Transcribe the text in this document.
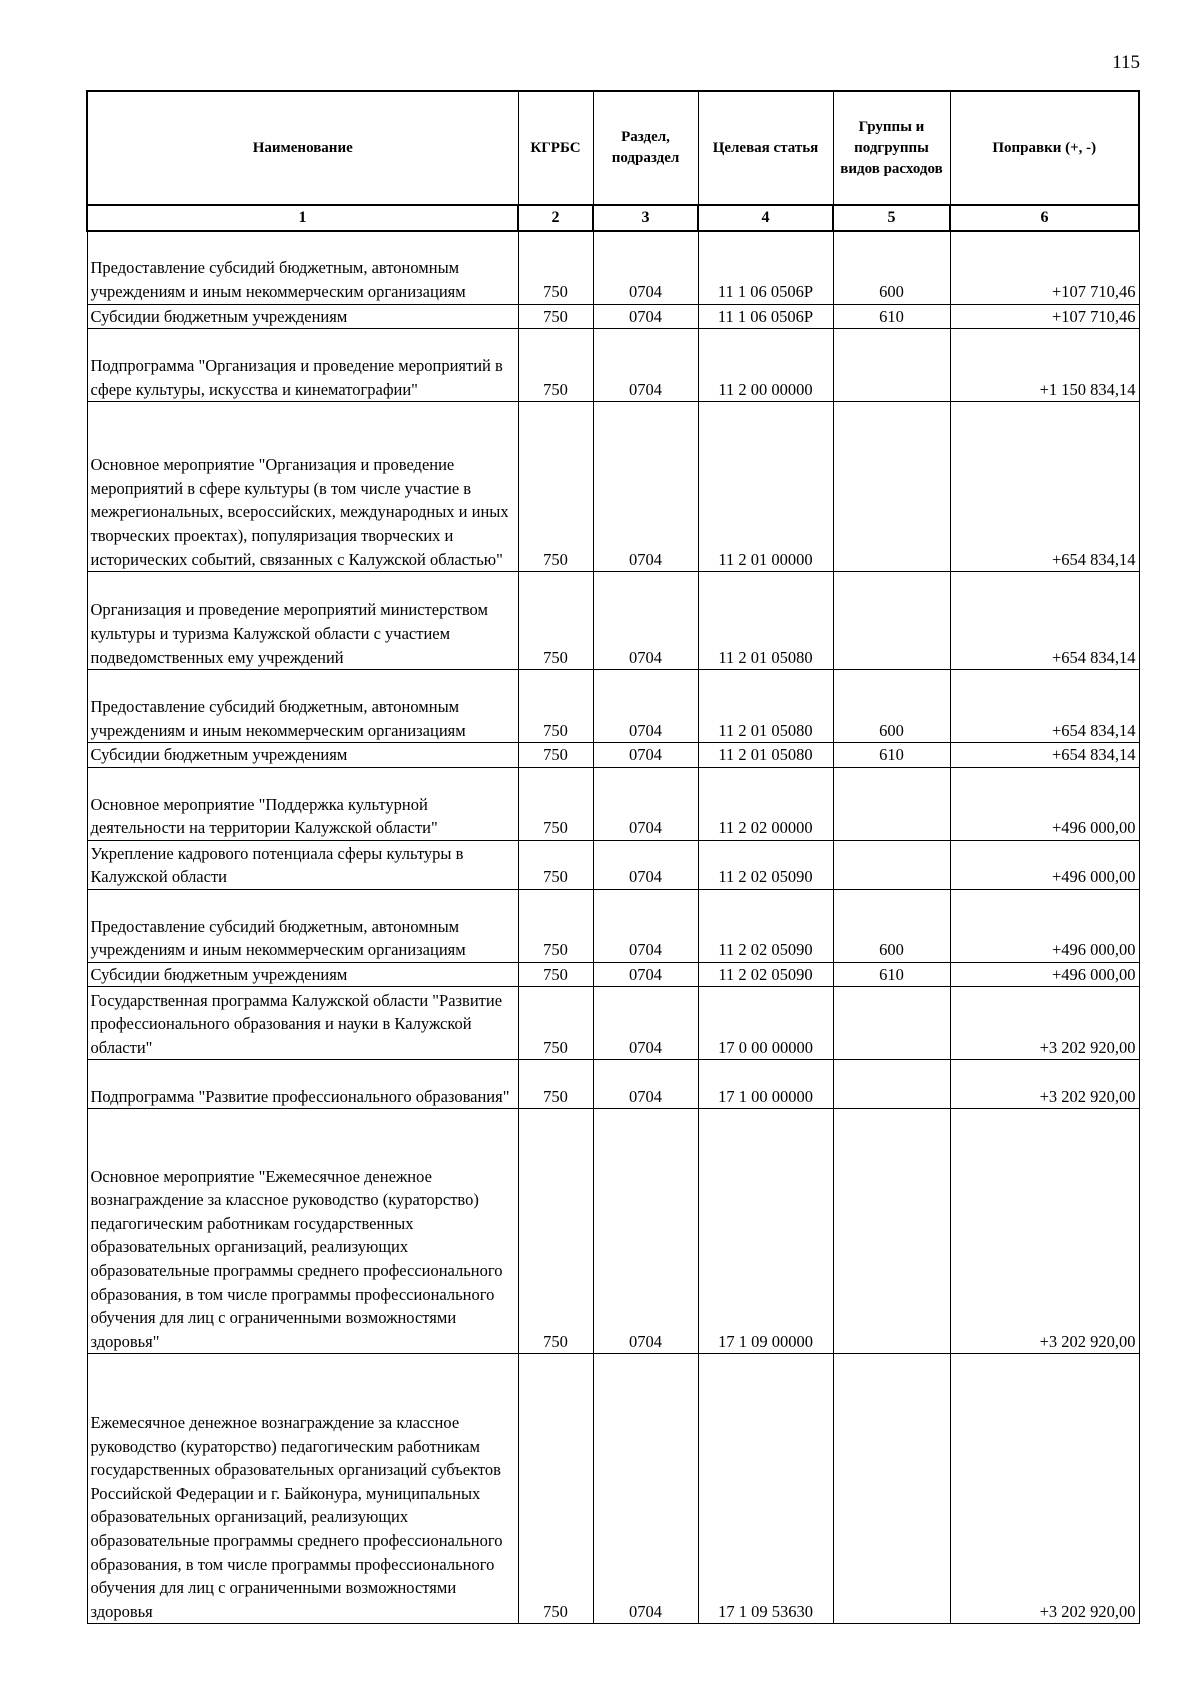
115
Наименование	КГРБС	Раздел, подраздел	Целевая статья	Группы и подгруппы видов расходов	Поправки (+, -)
1	2	3	4	5	6
Предоставление субсидий бюджетным, автономным учреждениям и иным некоммерческим организациям	750	0704	11 1 06 0506Р	600	+107 710,46
Субсидии бюджетным учреждениям	750	0704	11 1 06 0506Р	610	+107 710,46
Подпрограмма "Организация и проведение мероприятий в сфере культуры, искусства и кинематографии"	750	0704	11 2 00 00000		+1 150 834,14
Основное мероприятие "Организация и проведение мероприятий в сфере культуры (в том числе участие в межрегиональных, всероссийских, международных и иных творческих проектах), популяризация творческих и исторических событий, связанных с Калужской областью"	750	0704	11 2 01 00000		+654 834,14
Организация и проведение мероприятий министерством культуры и туризма Калужской области с участием подведомственных ему учреждений	750	0704	11 2 01 05080		+654 834,14
Предоставление субсидий бюджетным, автономным учреждениям и иным некоммерческим организациям	750	0704	11 2 01 05080	600	+654 834,14
Субсидии бюджетным учреждениям	750	0704	11 2 01 05080	610	+654 834,14
Основное мероприятие "Поддержка культурной деятельности на территории Калужской области"	750	0704	11 2 02 00000		+496 000,00
Укрепление кадрового потенциала сферы культуры в Калужской области	750	0704	11 2 02 05090		+496 000,00
Предоставление субсидий бюджетным, автономным учреждениям и иным некоммерческим организациям	750	0704	11 2 02 05090	600	+496 000,00
Субсидии бюджетным учреждениям	750	0704	11 2 02 05090	610	+496 000,00
Государственная программа Калужской области "Развитие профессионального образования и науки в Калужской области"	750	0704	17 0 00 00000		+3 202 920,00
Подпрограмма "Развитие профессионального образования"	750	0704	17 1 00 00000		+3 202 920,00
Основное мероприятие "Ежемесячное денежное вознаграждение за классное руководство (кураторство) педагогическим работникам государственных образовательных организаций, реализующих образовательные программы среднего профессионального образования, в том числе программы профессионального обучения для лиц с ограниченными возможностями здоровья"	750	0704	17 1 09 00000		+3 202 920,00
Ежемесячное денежное вознаграждение за классное руководство (кураторство) педагогическим работникам государственных образовательных организаций субъектов Российской Федерации и г. Байконура, муниципальных образовательных организаций, реализующих образовательные программы среднего профессионального образования, в том числе программы профессионального обучения для лиц с ограниченными возможностями здоровья	750	0704	17 1 09 53630		+3 202 920,00
